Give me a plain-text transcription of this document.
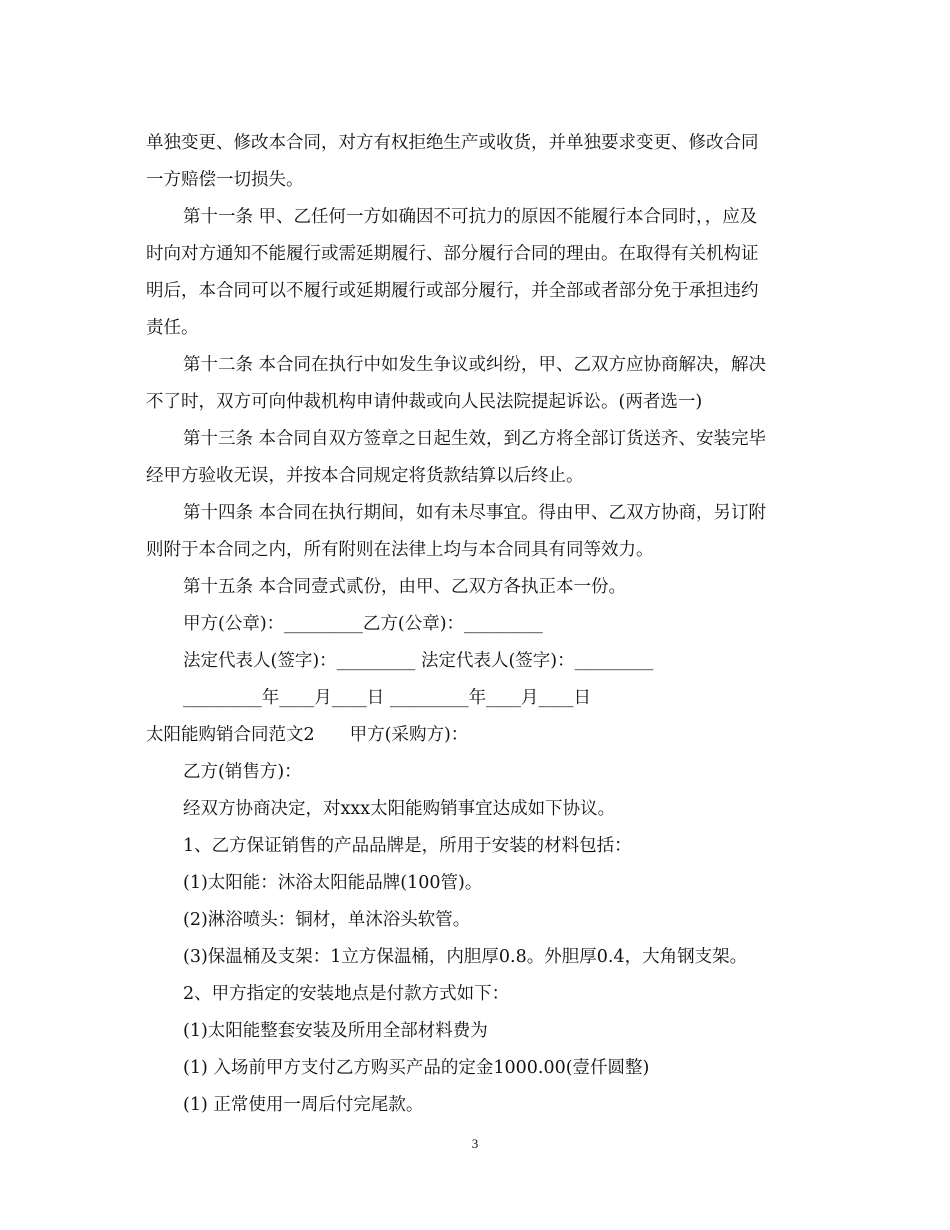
单独变更、修改本合同，对方有权拒绝生产或收货，并单独要求变更、修改合同
一方赔偿一切损失。
第十一条 甲、乙任何一方如确因不可抗力的原因不能履行本合同时，，应及
时向对方通知不能履行或需延期履行、部分履行合同的理由。在取得有关机构证
明后，本合同可以不履行或延期履行或部分履行，并全部或者部分免于承担违约
责任。
第十二条 本合同在执行中如发生争议或纠纷，甲、乙双方应协商解决，解决
不了时，双方可向仲裁机构申请仲裁或向人民法院提起诉讼。(两者选一)
第十三条 本合同自双方签章之日起生效，到乙方将全部订货送齐、安装完毕
经甲方验收无误，并按本合同规定将货款结算以后终止。
第十四条 本合同在执行期间，如有未尽事宜。得由甲、乙双方协商，另订附
则附于本合同之内，所有附则在法律上均与本合同具有同等效力。
第十五条 本合同壹式贰份，由甲、乙双方各执正本一份。
甲方(公章)：_________乙方(公章)：_________
法定代表人(签字)：_________ 法定代表人(签字)：_________
_________年____月____日 _________年____月____日
太阳能购销合同范文2　　甲方(采购方)：
乙方(销售方)：
经双方协商决定，对xxx太阳能购销事宜达成如下协议。
1、乙方保证销售的产品品牌是，所用于安装的材料包括：
(1)太阳能：沐浴太阳能品牌(100管)。
(2)淋浴喷头：铜材，单沐浴头软管。
(3)保温桶及支架：1立方保温桶，内胆厚0.8。外胆厚0.4，大角钢支架。
2、甲方指定的安装地点是付款方式如下：
(1)太阳能整套安装及所用全部材料费为
(1) 入场前甲方支付乙方购买产品的定金1000.00(壹仟圆整)
(1) 正常使用一周后付完尾款。
3
